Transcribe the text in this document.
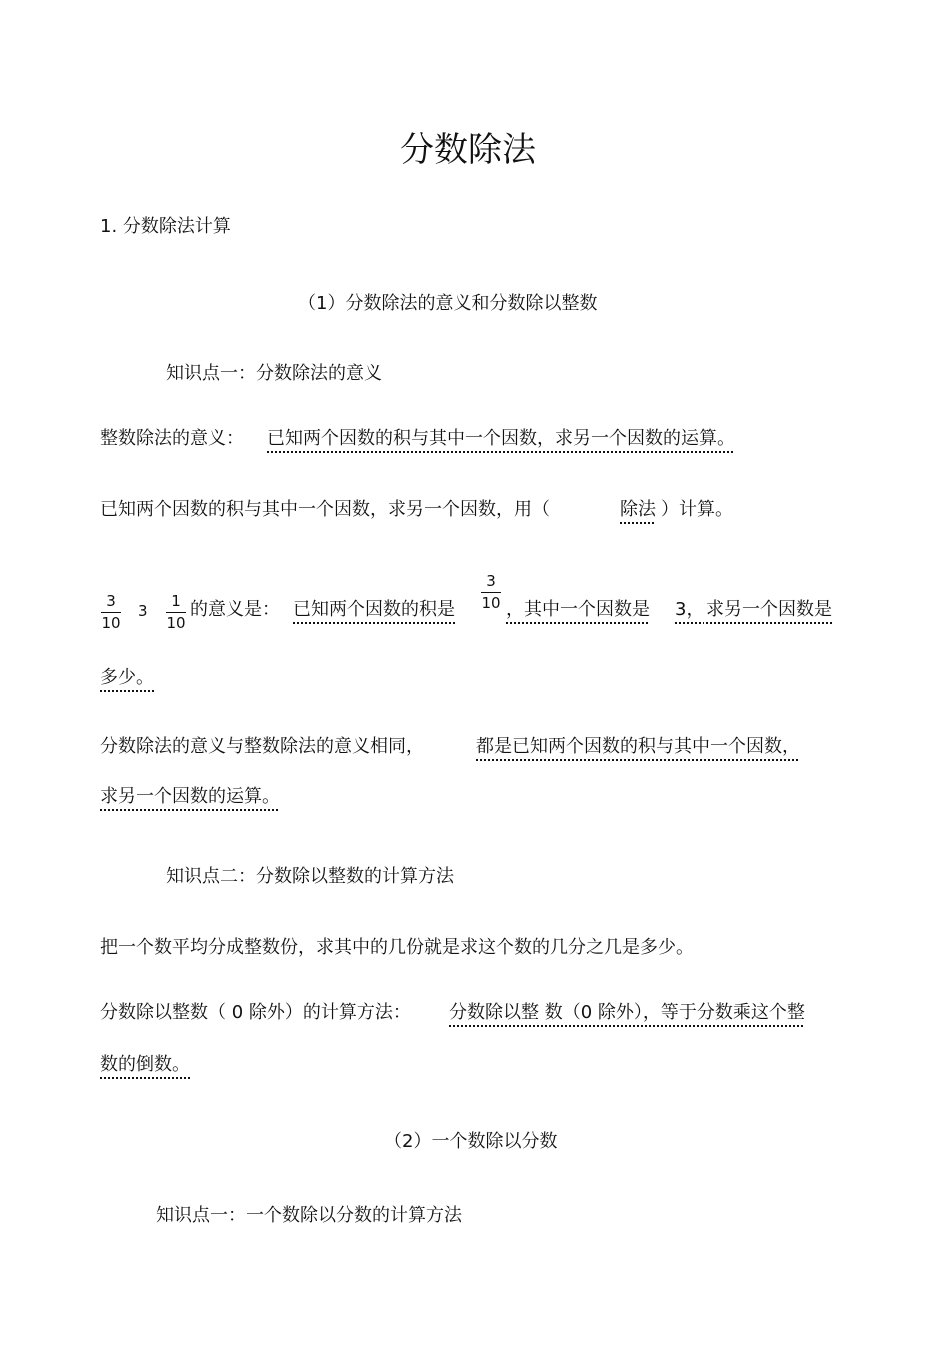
分数除法
1. 分数除法计算
（1）分数除法的意义和分数除以整数
知识点一：分数除法的意义
整数除法的意义： 已知两个因数的积与其中一个因数，求另一个因数的运算。
已知两个因数的积与其中一个因数，求另一个因数，用（	除法 ）计算。
3
10
3
1
10
的意义是： 已知两个因数的积是
3
10 ，其中一个因数是 3， 求另一个因数是
多少。
分数除法的意义与整数除法的意义相同，	都是已知两个因数的积与其中一个因数，
求另一个因数的运算。
知识点二：分数除以整数的计算方法
把一个数平均分成整数份，求其中的几份就是求这个数的几分之几是多少。
分数除以整数（ 0 除外）的计算方法： 分数除以整 数（0 除外），等于分数乘这个整
数的倒数。
（2）一个数除以分数
知识点一：一个数除以分数的计算方法
